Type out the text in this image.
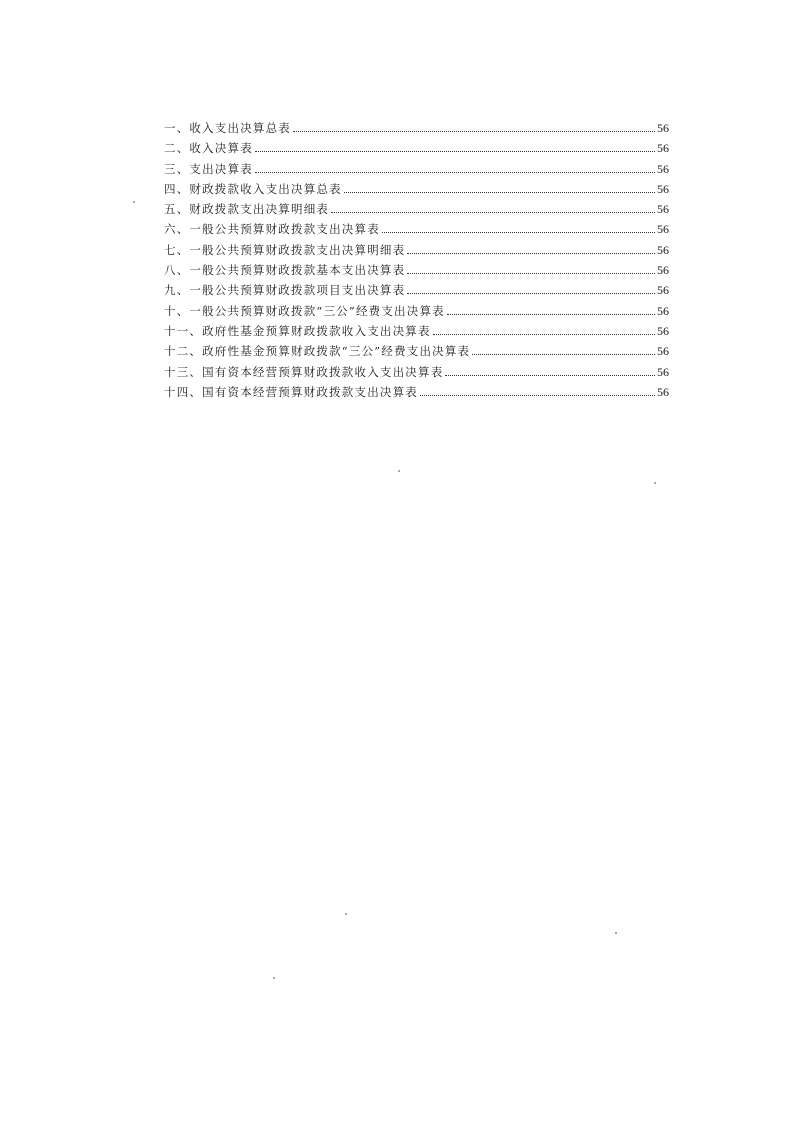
一、收入支出决算总表	56
二、收入决算表	56
三、支出决算表	56
四、财政拨款收入支出决算总表	56
五、财政拨款支出决算明细表	56
六、一般公共预算财政拨款支出决算表	56
七、一般公共预算财政拨款支出决算明细表	56
八、一般公共预算财政拨款基本支出决算表	56
九、一般公共预算财政拨款项目支出决算表	56
十、一般公共预算财政拨款“三公”经费支出决算表	56
十一、政府性基金预算财政拨款收入支出决算表	56
十二、政府性基金预算财政拨款“三公”经费支出决算表	56
十三、国有资本经营预算财政拨款收入支出决算表	56
十四、国有资本经营预算财政拨款支出决算表	56
